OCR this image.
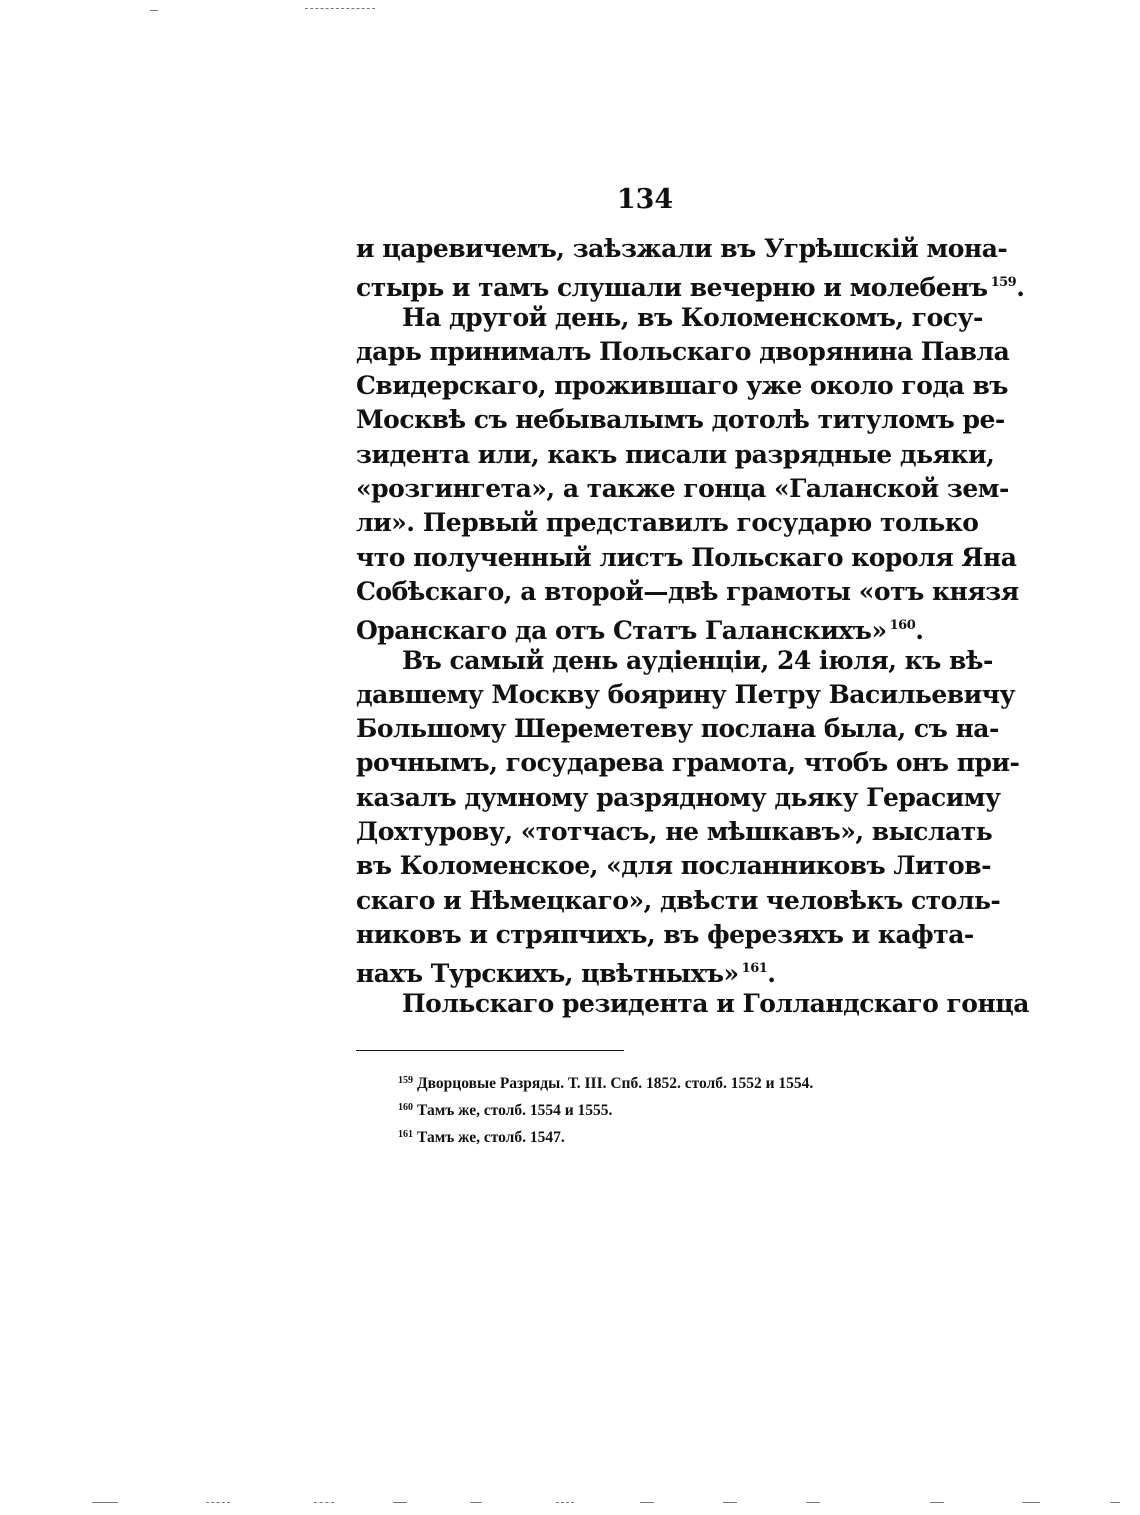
134
и царевичемъ, заѣзжали въ Угрѣшскій мона-
стырь и тамъ слушали вечерню и молебенъ $^{159}$.
На другой день, въ Коломенскомъ, госу-
дарь принималъ Польскаго дворянина Павла
Свидерскаго, прожившаго уже около года въ
Москвѣ съ небывалымъ дотолѣ титуломъ ре-
зидента или, какъ писали разрядные дьяки,
«розгингета», а также гонца «Галанской зем-
ли». Первый представилъ государю только
что полученный листъ Польскаго короля Яна
Собѣскаго, а второй—двѣ грамоты «отъ князя
Оранскаго да отъ Статъ Галанскихъ» $^{160}$.
Въ самый день аудіенціи, 24 іюля, къ вѣ-
давшему Москву боярину Петру Васильевичу
Большому Шереметеву послана была, съ на-
рочнымъ, государева грамота, чтобъ онъ при-
казалъ думному разрядному дьяку Герасиму
Дохтурову, «тотчасъ, не мѣшкавъ», выслать
въ Коломенское, «для посланниковъ Литов-
скаго и Нѣмецкаго», двѣсти человѣкъ столь-
никовъ и стряпчихъ, въ ферезяхъ и кафта-
нахъ Турскихъ, цвѣтныхъ» $^{161}$.
Польскаго резидента и Голландскаго гонца
$^{159}$ Дворцовые Разряды. Т. III. Спб. 1852. столб. 1552 и 1554.
$^{160}$ Тамъ же, столб. 1554 и 1555.
$^{161}$ Тамъ же, столб. 1547.
